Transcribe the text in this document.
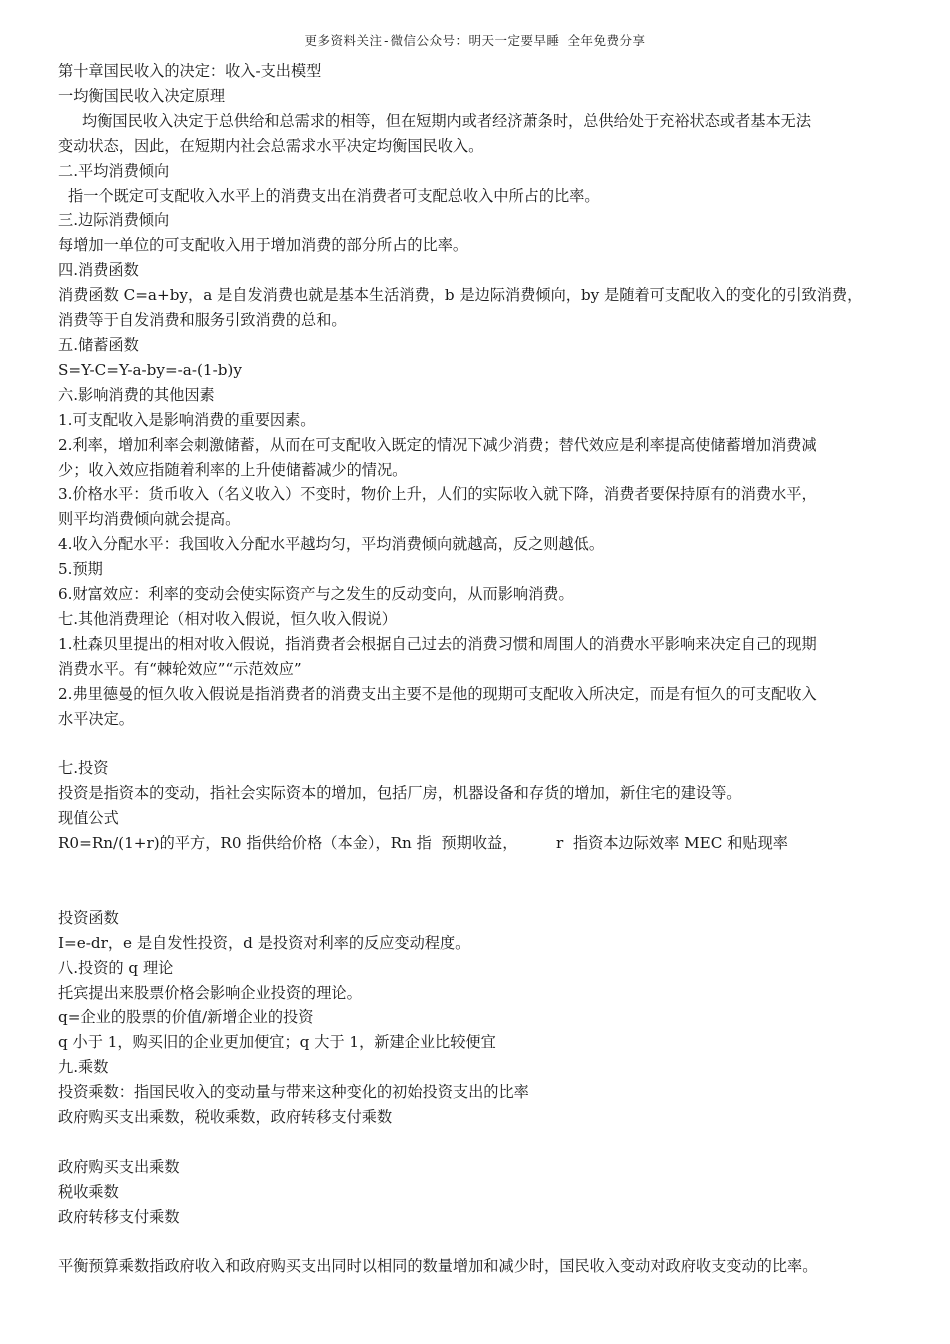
更多资料关注-微信公众号：明天一定要早睡 全年免费分享
第十章国民收入的决定：收入-支出模型
一均衡国民收入决定原理
均衡国民收入决定于总供给和总需求的相等，但在短期内或者经济萧条时，总供给处于充裕状态或者基本无法
变动状态，因此，在短期内社会总需求水平决定均衡国民收入。
二.平均消费倾向
指一个既定可支配收入水平上的消费支出在消费者可支配总收入中所占的比率。
三.边际消费倾向
每增加一单位的可支配收入用于增加消费的部分所占的比率。
四.消费函数
消费函数 C=a+by，a 是自发消费也就是基本生活消费，b 是边际消费倾向，by 是随着可支配收入的变化的引致消费，
消费等于自发消费和服务引致消费的总和。
五.储蓄函数
S=Y-C=Y-a-by=-a-(1-b)y
六.影响消费的其他因素
1.可支配收入是影响消费的重要因素。
2.利率，增加利率会刺激储蓄，从而在可支配收入既定的情况下减少消费；替代效应是利率提高使储蓄增加消费减
少；收入效应指随着利率的上升使储蓄减少的情况。
3.价格水平：货币收入（名义收入）不变时，物价上升，人们的实际收入就下降，消费者要保持原有的消费水平，
则平均消费倾向就会提高。
4.收入分配水平：我国收入分配水平越均匀，平均消费倾向就越高，反之则越低。
5.预期
6.财富效应：利率的变动会使实际资产与之发生的反动变向，从而影响消费。
七.其他消费理论（相对收入假说，恒久收入假说）
1.杜森贝里提出的相对收入假说，指消费者会根据自己过去的消费习惯和周围人的消费水平影响来决定自己的现期
消费水平。有“棘轮效应”“示范效应”
2.弗里德曼的恒久收入假说是指消费者的消费支出主要不是他的现期可支配收入所决定，而是有恒久的可支配收入
水平决定。
七.投资
投资是指资本的变动，指社会实际资本的增加，包括厂房，机器设备和存货的增加，新住宅的建设等。
现值公式
R0=Rn/(1+r)的平方，R0 指供给价格（本金），Rn 指  预期收益，        r  指资本边际效率 MEC 和贴现率
投资函数
I=e-dr，e 是自发性投资，d 是投资对利率的反应变动程度。
八.投资的 q 理论
托宾提出来股票价格会影响企业投资的理论。
q=企业的股票的价值/新增企业的投资
q 小于 1，购买旧的企业更加便宜；q 大于 1，新建企业比较便宜
九.乘数
投资乘数：指国民收入的变动量与带来这种变化的初始投资支出的比率
政府购买支出乘数，税收乘数，政府转移支付乘数
政府购买支出乘数
税收乘数
政府转移支付乘数
平衡预算乘数指政府收入和政府购买支出同时以相同的数量增加和减少时，国民收入变动对政府收支变动的比率。
